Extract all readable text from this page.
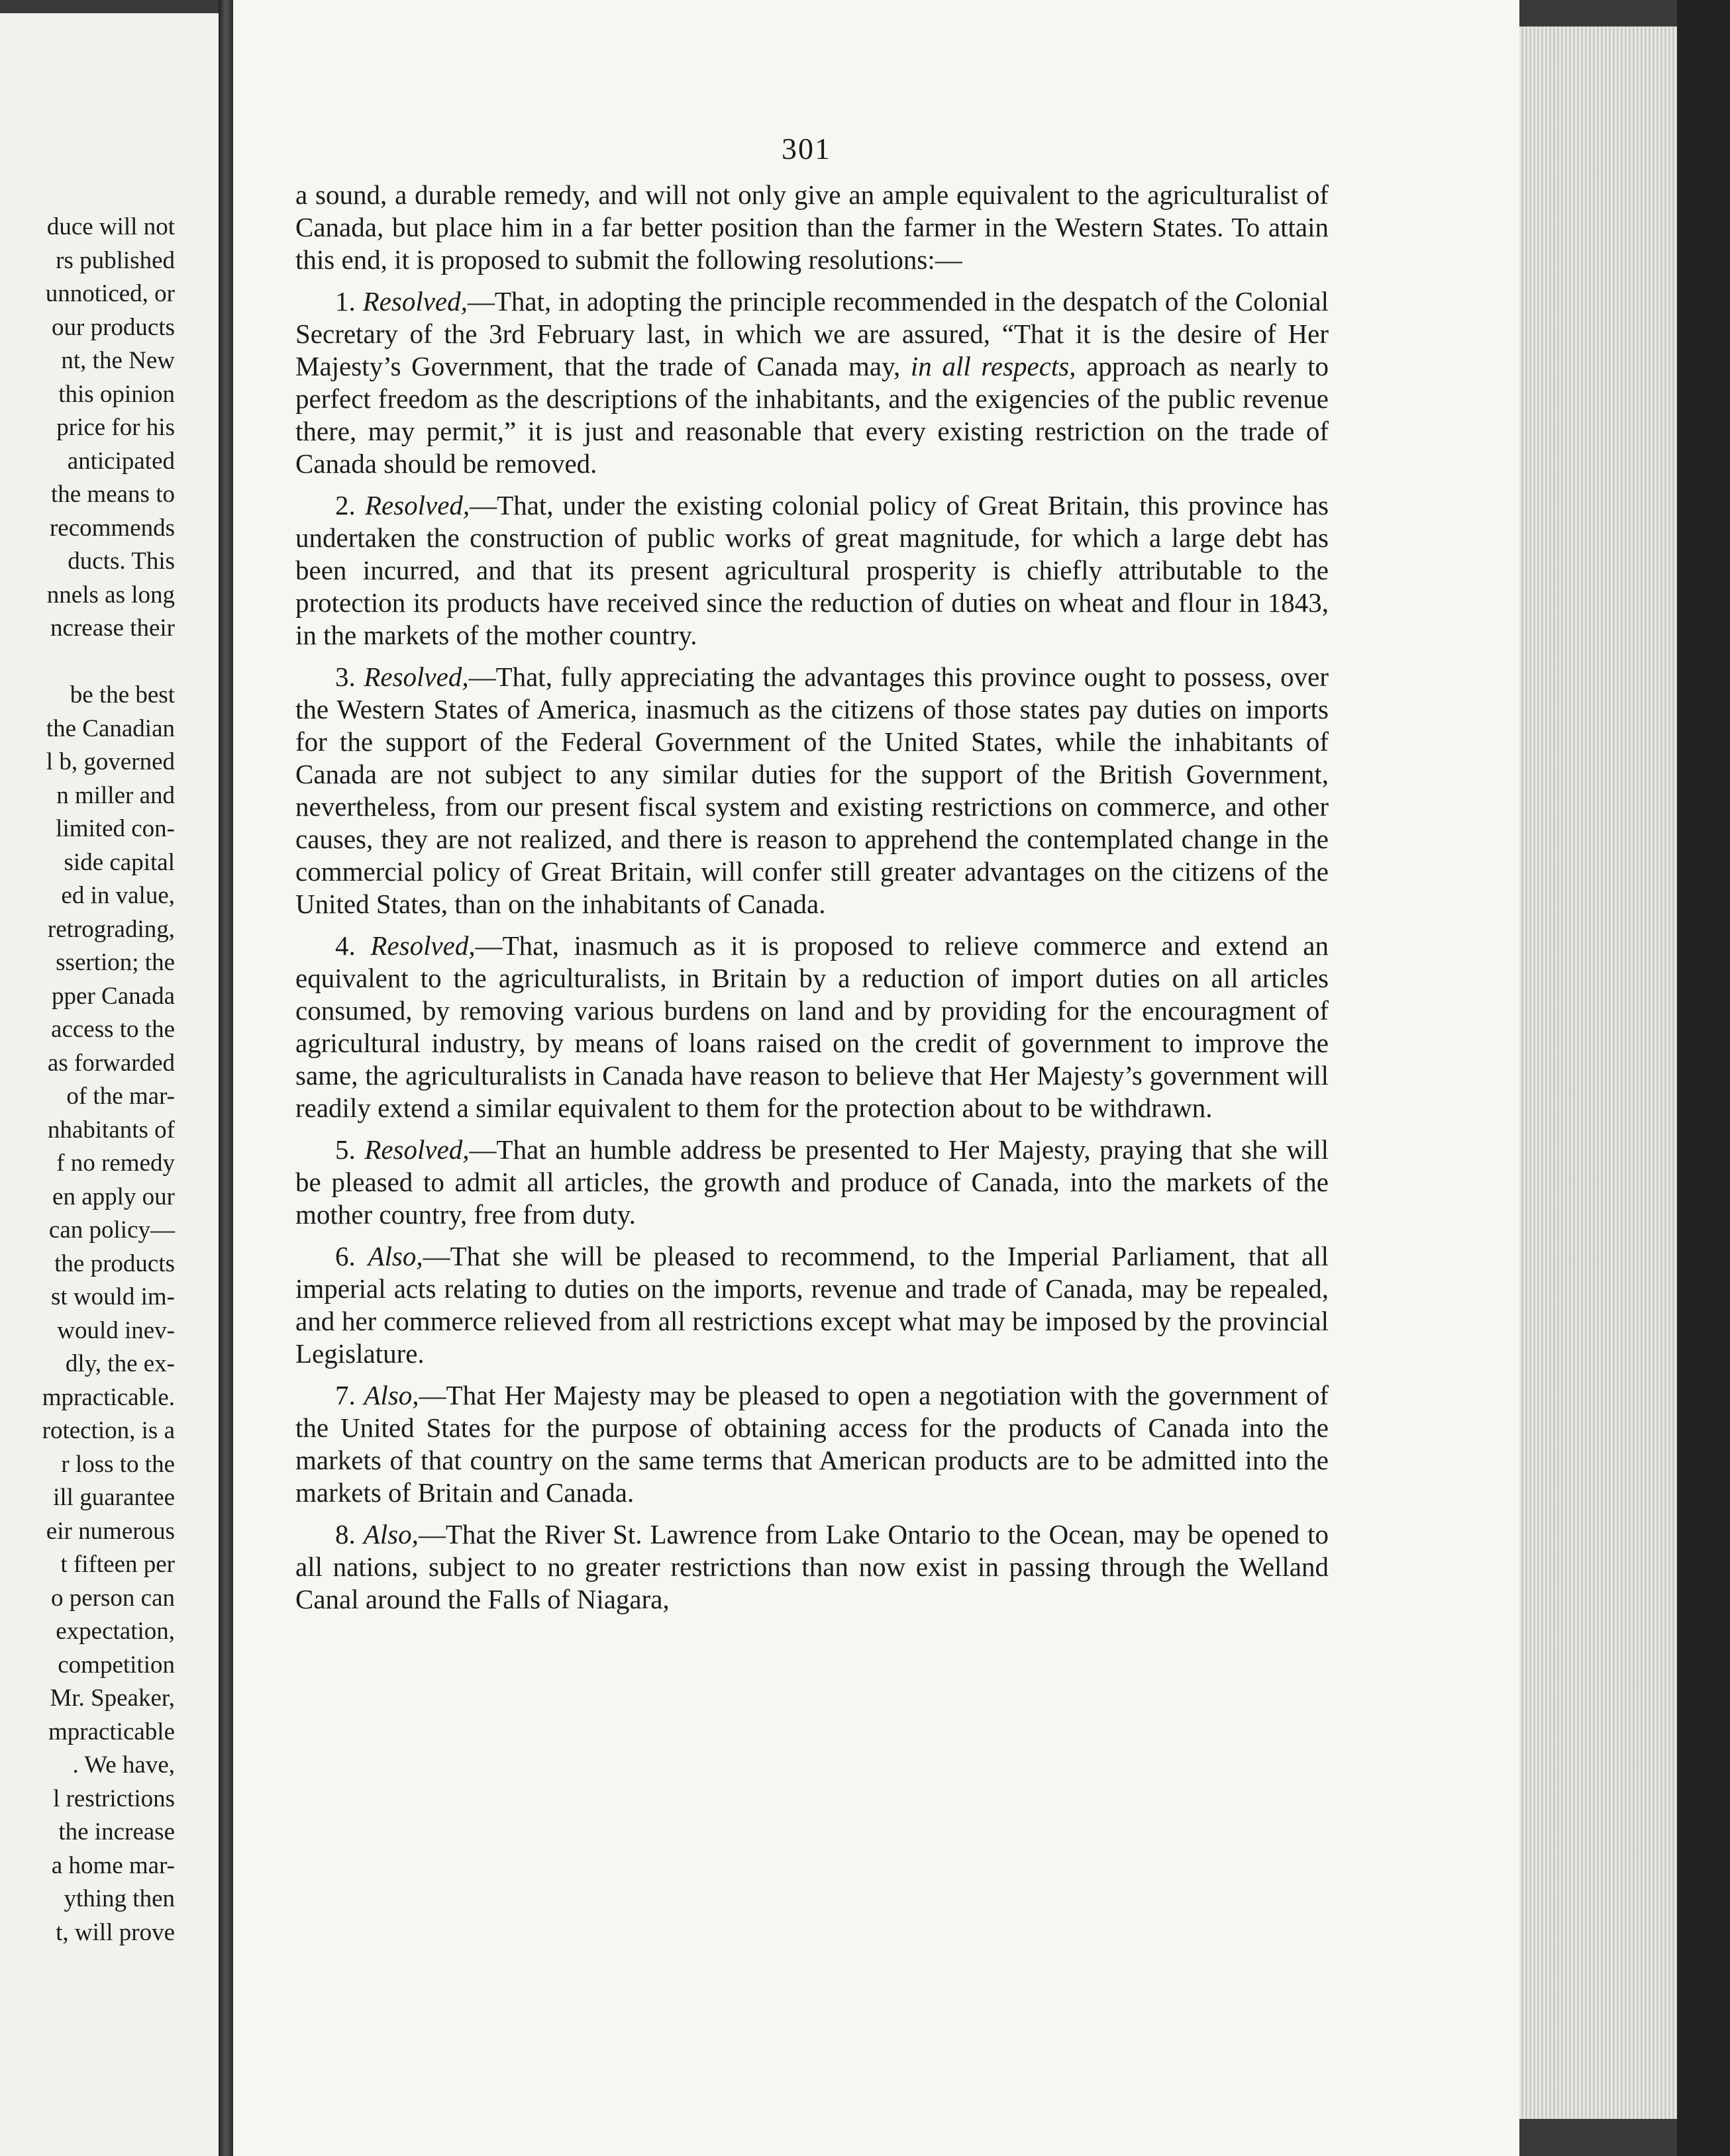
duce will not
rs published
unnoticed, or
our products
nt, the New
this opinion
price for his
anticipated
the means to
recommends
ducts. This
nnels as long
ncrease their

be the best
the Canadian
l b, governed
n miller and
limited con-
side capital
ed in value,
retrograding,
ssertion; the
pper Canada
access to the
as forwarded
of the mar-
nhabitants of
f no remedy
en apply our
can policy—
the products
st would im-
would inev-
dly, the ex-
mpracticable.
rotection, is a
r loss to the
ill guarantee
eir numerous
t fifteen per
o person can
expectation,
competition
Mr. Speaker,
mpracticable
. We have,
l restrictions
the increase
a home mar-
ything then
t, will prove
301

a sound, a durable remedy, and will not only give an ample equivalent to the agriculturalist of Canada, but place him in a far better position than the farmer in the Western States. To attain this end, it is proposed to submit the following resolutions:—

1. Resolved,—That, in adopting the principle recommended in the despatch of the Colonial Secretary of the 3rd February last, in which we are assured, “That it is the desire of Her Majesty’s Government, that the trade of Canada may, in all respects, approach as nearly to perfect freedom as the descriptions of the inhabitants, and the exigencies of the public revenue there, may permit,” it is just and reasonable that every existing restriction on the trade of Canada should be removed.

2. Resolved,—That, under the existing colonial policy of Great Britain, this province has undertaken the construction of public works of great magnitude, for which a large debt has been incurred, and that its present agricultural prosperity is chiefly attributable to the protection its products have received since the reduction of duties on wheat and flour in 1843, in the markets of the mother country.

3. Resolved,—That, fully appreciating the advantages this province ought to possess, over the Western States of America, inasmuch as the citizens of those states pay duties on imports for the support of the Federal Government of the United States, while the inhabitants of Canada are not subject to any similar duties for the support of the British Government, nevertheless, from our present fiscal system and existing restrictions on commerce, and other causes, they are not realized, and there is reason to apprehend the contemplated change in the commercial policy of Great Britain, will confer still greater advantages on the citizens of the United States, than on the inhabitants of Canada.

4. Resolved,—That, inasmuch as it is proposed to relieve commerce and extend an equivalent to the agriculturalists, in Britain by a reduction of import duties on all articles consumed, by removing various burdens on land and by providing for the encouragment of agricultural industry, by means of loans raised on the credit of government to improve the same, the agriculturalists in Canada have reason to believe that Her Majesty’s government will readily extend a similar equivalent to them for the protection about to be withdrawn.

5. Resolved,—That an humble address be presented to Her Majesty, praying that she will be pleased to admit all articles, the growth and produce of Canada, into the markets of the mother country, free from duty.

6. Also,—That she will be pleased to recommend, to the Imperial Parliament, that all imperial acts relating to duties on the imports, revenue and trade of Canada, may be repealed, and her commerce relieved from all restrictions except what may be imposed by the provincial Legislature.

7. Also,—That Her Majesty may be pleased to open a negotiation with the government of the United States for the purpose of obtaining access for the products of Canada into the markets of that country on the same terms that American products are to be admitted into the markets of Britain and Canada.

8. Also,—That the River St. Lawrence from Lake Ontario to the Ocean, may be opened to all nations, subject to no greater restrictions than now exist in passing through the Welland Canal around the Falls of Niagara,
